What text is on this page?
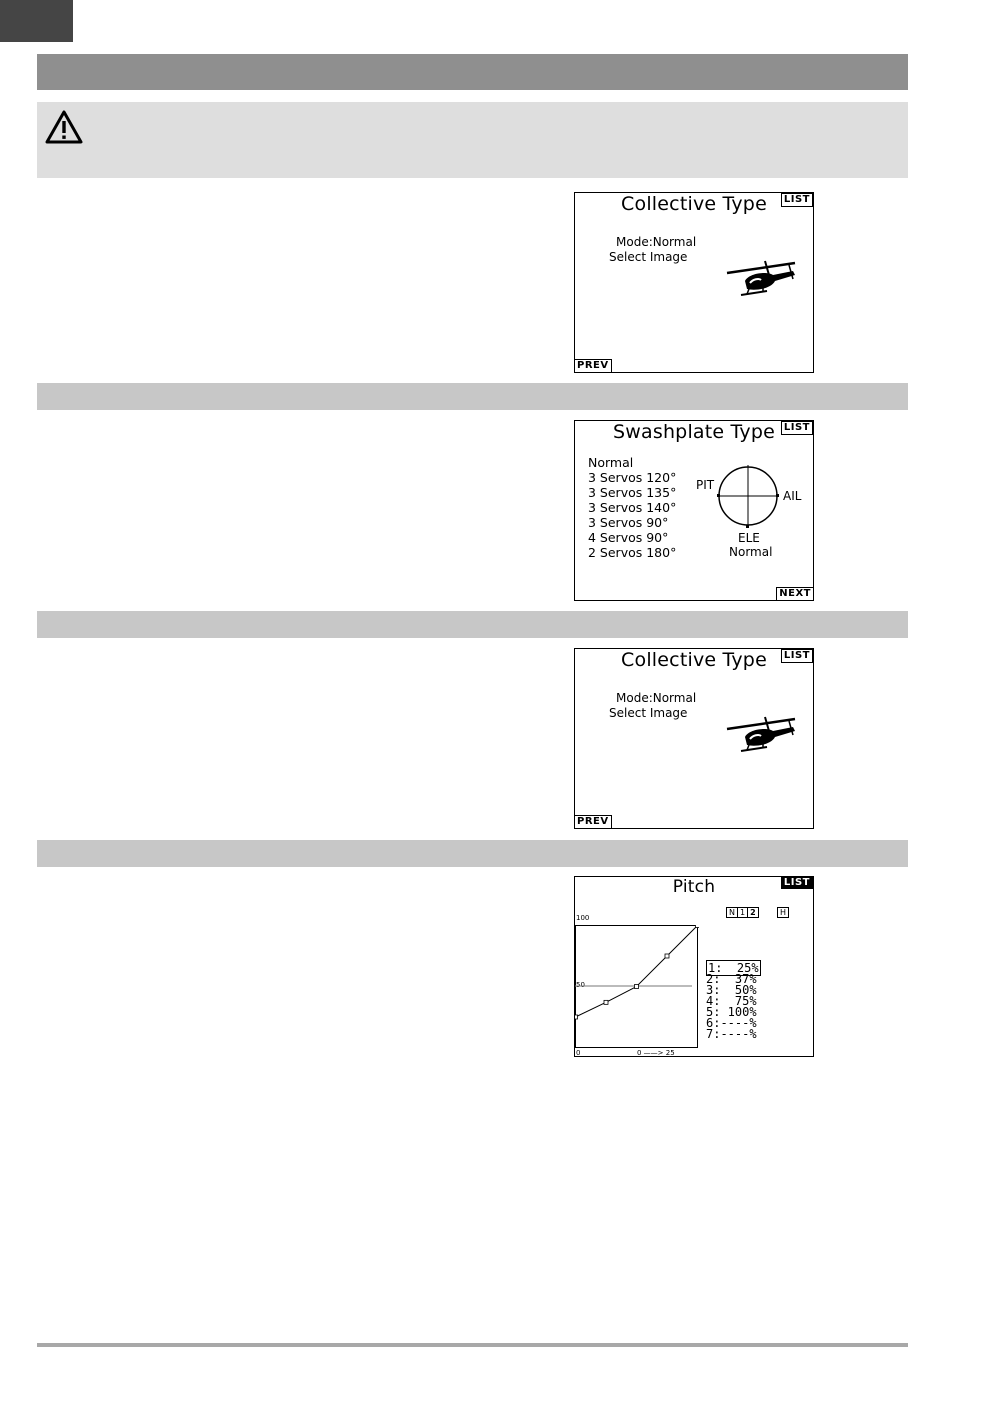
Collective Type	LIST
Mode:Normal
Select Image
PREV
Swashplate Type LIST
Normal
3 Servos 120°
3 Servos 135°
3 Servos 140°
3 Servos 90°
4 Servos 90°
2 Servos 180°
PIT
AIL
ELE
Normal
NEXT
Collective Type	LIST
Mode:Normal
Select Image
PREV
Pitch	LIST
N 1 2	H
100
50
0	0 ——> 25
1:  25%
2:  37%
3:  50%
4:  75%
5: 100%
6:----%
7:----%
